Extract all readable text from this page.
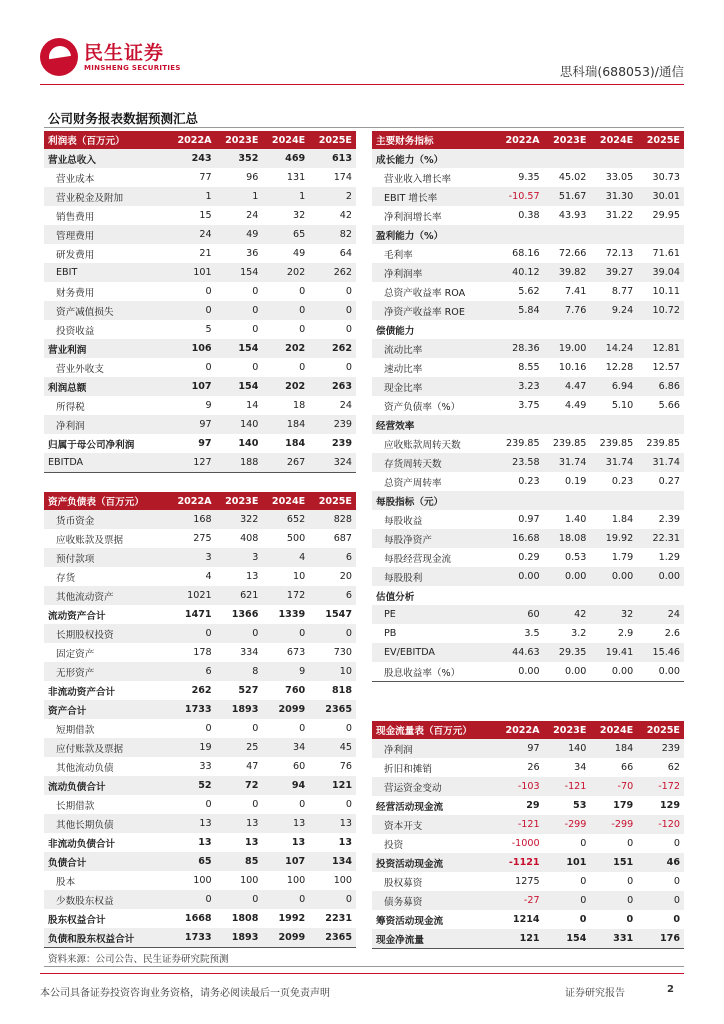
民生证券
MINSHENG SECURITIES	思科瑞(688053)/通信
公司财务报表数据预测汇总
利润表（百万元）	2022A	2023E	2024E	2025E
营业总收入	243	352	469	613
营业成本	77	96	131	174
营业税金及附加	1	1	1	2
销售费用	15	24	32	42
管理费用	24	49	65	82
研发费用	21	36	49	64
EBIT	101	154	202	262
财务费用	0	0	0	0
资产减值损失	0	0	0	0
投资收益	5	0	0	0
营业利润	106	154	202	262
营业外收支	0	0	0	0
利润总额	107	154	202	263
所得税	9	14	18	24
净利润	97	140	184	239
归属于母公司净利润	97	140	184	239
EBITDA	127	188	267	324
资产负债表（百万元）	2022A	2023E	2024E	2025E
货币资金	168	322	652	828
应收账款及票据	275	408	500	687
预付款项	3	3	4	6
存货	4	13	10	20
其他流动资产	1021	621	172	6
流动资产合计	1471	1366	1339	1547
长期股权投资	0	0	0	0
固定资产	178	334	673	730
无形资产	6	8	9	10
非流动资产合计	262	527	760	818
资产合计	1733	1893	2099	2365
短期借款	0	0	0	0
应付账款及票据	19	25	34	45
其他流动负债	33	47	60	76
流动负债合计	52	72	94	121
长期借款	0	0	0	0
其他长期负债	13	13	13	13
非流动负债合计	13	13	13	13
负债合计	65	85	107	134
股本	100	100	100	100
少数股东权益	0	0	0	0
股东权益合计	1668	1808	1992	2231
负债和股东权益合计	1733	1893	2099	2365
主要财务指标	2022A	2023E	2024E	2025E
成长能力（%）				
营业收入增长率	9.35	45.02	33.05	30.73
EBIT 增长率	-10.57	51.67	31.30	30.01
净利润增长率	0.38	43.93	31.22	29.95
盈利能力（%）				
毛利率	68.16	72.66	72.13	71.61
净利润率	40.12	39.82	39.27	39.04
总资产收益率 ROA	5.62	7.41	8.77	10.11
净资产收益率 ROE	5.84	7.76	9.24	10.72
偿债能力				
流动比率	28.36	19.00	14.24	12.81
速动比率	8.55	10.16	12.28	12.57
现金比率	3.23	4.47	6.94	6.86
资产负债率（%）	3.75	4.49	5.10	5.66
经营效率				
应收账款周转天数	239.85	239.85	239.85	239.85
存货周转天数	23.58	31.74	31.74	31.74
总资产周转率	0.23	0.19	0.23	0.27
每股指标（元）				
每股收益	0.97	1.40	1.84	2.39
每股净资产	16.68	18.08	19.92	22.31
每股经营现金流	0.29	0.53	1.79	1.29
每股股利	0.00	0.00	0.00	0.00
估值分析				
PE	60	42	32	24
PB	3.5	3.2	2.9	2.6
EV/EBITDA	44.63	29.35	19.41	15.46
股息收益率（%）	0.00	0.00	0.00	0.00
现金流量表（百万元）	2022A	2023E	2024E	2025E
净利润	97	140	184	239
折旧和摊销	26	34	66	62
营运资金变动	-103	-121	-70	-172
经营活动现金流	29	53	179	129
资本开支	-121	-299	-299	-120
投资	-1000	0	0	0
投资活动现金流	-1121	101	151	46
股权募资	1275	0	0	0
债务募资	-27	0	0	0
筹资活动现金流	1214	0	0	0
现金净流量	121	154	331	176
资料来源：公司公告、民生证券研究院预测
本公司具备证券投资咨询业务资格，请务必阅读最后一页免责声明	证券研究报告	2
